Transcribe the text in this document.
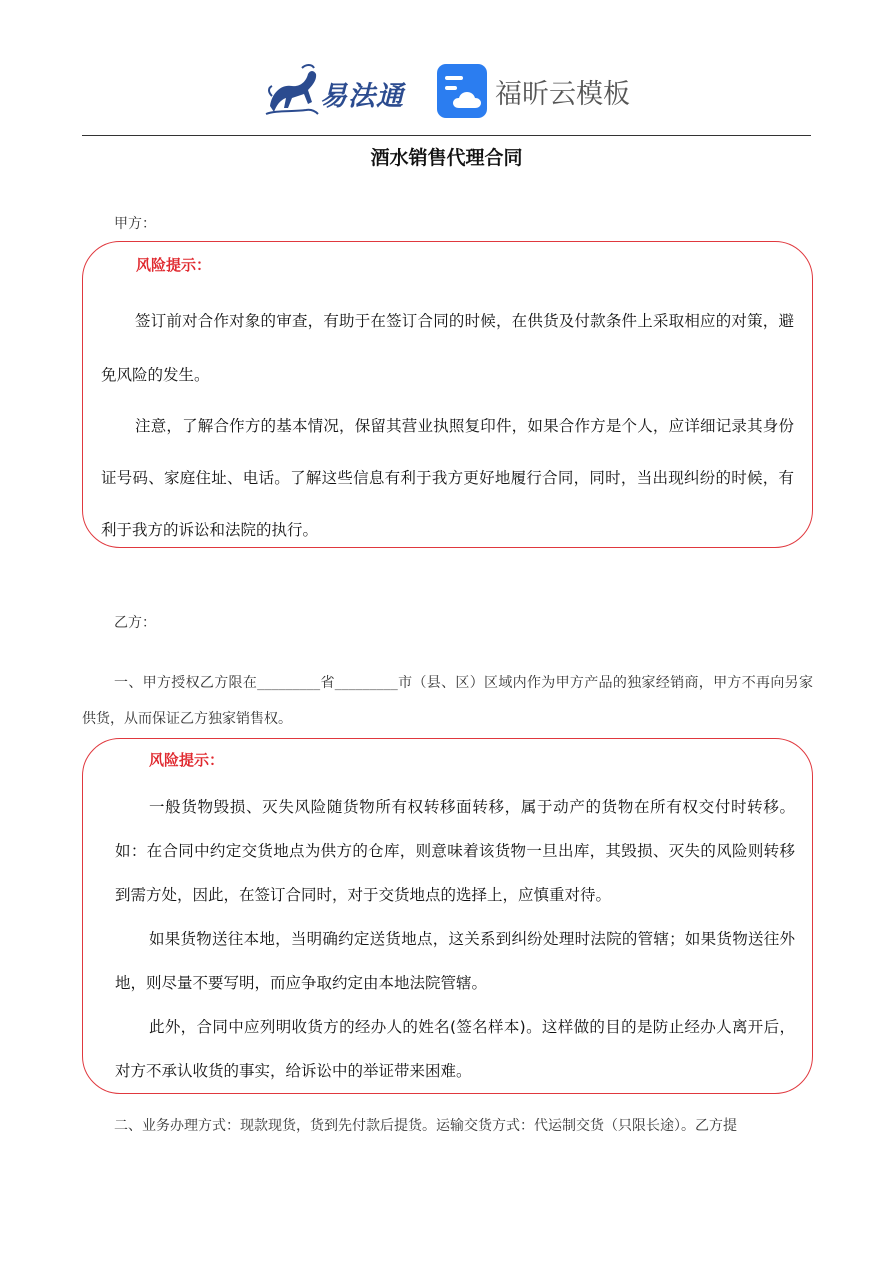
易法通	福昕云模板
酒水销售代理合同
甲方：
风险提示：
签订前对合作对象的审查，有助于在签订合同的时候，在供货及付款条件上采取相应的对策，避免风险的发生。
注意，了解合作方的基本情况，保留其营业执照复印件，如果合作方是个人，应详细记录其身份证号码、家庭住址、电话。了解这些信息有利于我方更好地履行合同，同时，当出现纠纷的时候，有利于我方的诉讼和法院的执行。
乙方：
一、甲方授权乙方限在_________省_________市（县、区）区域内作为甲方产品的独家经销商，甲方不再向另家供货，从而保证乙方独家销售权。
风险提示：
一般货物毁损、灭失风险随货物所有权转移面转移，属于动产的货物在所有权交付时转移。如：在合同中约定交货地点为供方的仓库，则意味着该货物一旦出库，其毁损、灭失的风险则转移到需方处，因此，在签订合同时，对于交货地点的选择上，应慎重对待。
如果货物送往本地，当明确约定送货地点，这关系到纠纷处理时法院的管辖；如果货物送往外地，则尽量不要写明，而应争取约定由本地法院管辖。
此外，合同中应列明收货方的经办人的姓名(签名样本)。这样做的目的是防止经办人离开后，对方不承认收货的事实，给诉讼中的举证带来困难。
二、业务办理方式：现款现货，货到先付款后提货。运输交货方式：代运制交货（只限长途）。乙方提
